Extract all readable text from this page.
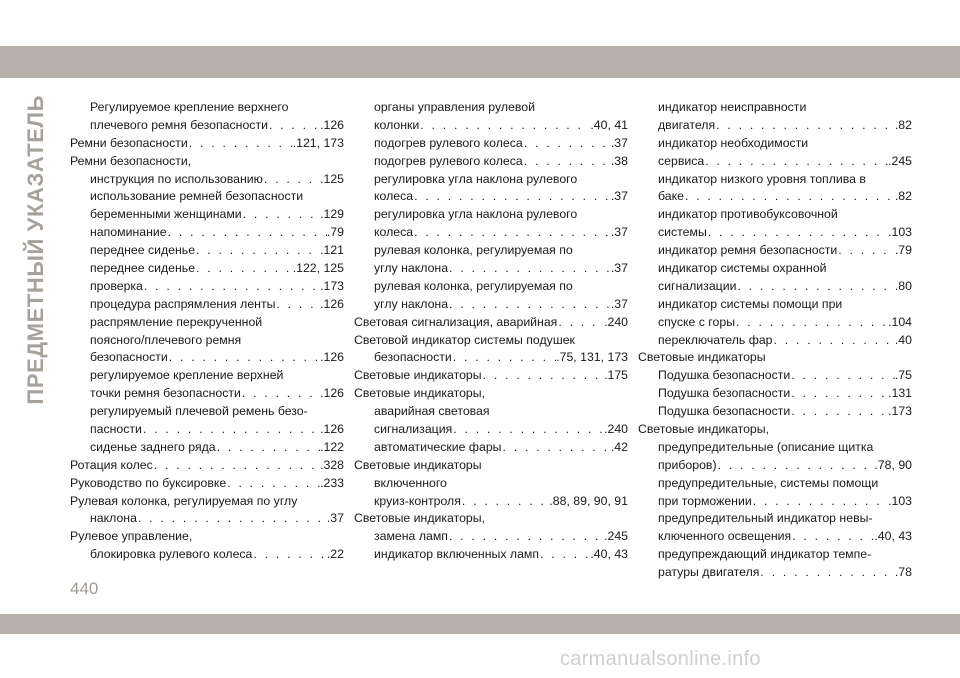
ПРЕДМЕТНЫЙ УКАЗАТЕЛЬ	Регулируемое крепление верхнего
плечевого ремня безопасности . . .	.126
Ремни безопасности . . .	.121, 173
Ремни безопасности,
инструкция по использованию . . .	.125
использование ремней безопасности
беременными женщинами . . .	.129
напоминание . . .	.79
переднее сиденье . . .	.121
переднее сиденье . . .	.122, 125
проверка . . .	.173
процедура распрямления ленты . . .	.126
распрямление перекрученной
поясного/плечевого ремня
безопасности . . .	.126
регулируемое крепление верхней
точки ремня безопасности . . .	.126
регулируемый плечевой ремень безо-
пасности . . .	.126
сиденье заднего ряда . . .	.122
Ротация колес . . .	.328
Руководство по буксировке . . .	.233
Рулевая колонка, регулируемая по углу
наклона . . .	.37
Рулевое управление,
блокировка рулевого колеса . . .	.22
органы управления рулевой
колонки . . .	.40, 41
подогрев рулевого колеса . . .	.37
подогрев рулевого колеса . . .	.38
регулировка угла наклона рулевого
колеса . . .	.37
регулировка угла наклона рулевого
колеса . . .	.37
рулевая колонка, регулируемая по
углу наклона . . .	.37
рулевая колонка, регулируемая по
углу наклона . . .	.37
Световая сигнализация, аварийная . . .	.240
Световой индикатор системы подушек
безопасности . . .	.75, 131, 173
Световые индикаторы . . .	.175
Световые индикаторы,
аварийная световая
сигнализация . . .	.240
автоматические фары . . .	.42
Световые индикаторы
включенного
круиз-контроля . . .	.88, 89, 90, 91
Световые индикаторы,
замена ламп . . .	.245
индикатор включенных ламп . . .	.40, 43
индикатор неисправности
двигателя . . .	.82
индикатор необходимости
сервиса . . .	.245
индикатор низкого уровня топлива в
баке . . .	.82
индикатор противобуксовочной
системы . . .	.103
индикатор ремня безопасности . . .	.79
индикатор системы охранной
сигнализации . . .	.80
индикатор системы помощи при
спуске с горы . . .	.104
переключатель фар . . .	.40
Световые индикаторы
Подушка безопасности . . .	.75
Подушка безопасности . . .	.131
Подушка безопасности . . .	.173
Световые индикаторы,
предупредительные (описание щитка
приборов) . . .	.78, 90
предупредительные, системы помощи
при торможении . . .	.103
предупредительный индикатор невы-
ключенного освещения . . .	.40, 43
предупреждающий индикатор темпе-
ратуры двигателя . . .	.78
440
carmanualsonline.info
